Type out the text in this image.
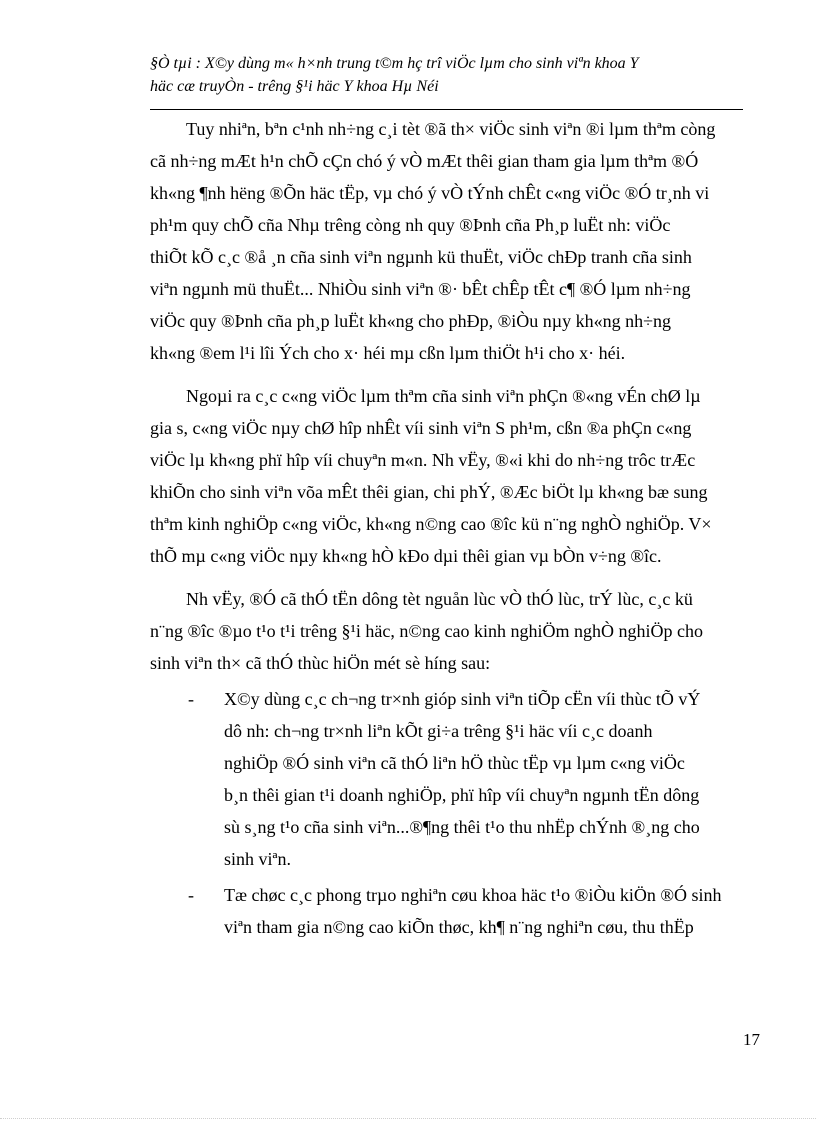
§Ò tµi : X©y dùng m« h×nh trung t©m hç trî viÖc lµm cho sinh viªn khoa Y
häc cæ truyÒn - trêng §¹i häc Y khoa Hµ Néi
Tuy nhiªn, bªn c¹nh nh÷ng c¸i tèt ®ã th× viÖc sinh viªn ®i lµm thªm còng
cã nh÷ng mÆt h¹n chÕ cÇn chó ý vÒ mÆt thêi gian tham gia lµm thªm ®Ó
kh«ng ¶nh hëng ®Õn häc tËp, vµ chó ý vÒ tÝnh chÊt c«ng viÖc ®Ó tr¸nh vi
ph¹m quy chÕ cña Nhµ trêng còng nh quy ®Þnh cña Ph¸p luËt nh: viÖc
thiÕt kÕ c¸c ®å ¸n cña sinh viªn ngµnh kü thuËt, viÖc chÐp tranh cña sinh
viªn ngµnh mü thuËt... NhiÒu sinh viªn ®· bÊt chÊp tÊt c¶ ®Ó lµm nh÷ng
viÖc quy ®Þnh cña ph¸p luËt kh«ng cho phÐp, ®iÒu nµy kh«ng nh÷ng
kh«ng ®em l¹i lîi Ých cho x· héi mµ cßn lµm thiÖt h¹i cho x· héi.
Ngoµi ra c¸c c«ng viÖc lµm thªm cña sinh viªn phÇn ®«ng vÉn chØ lµ
gia s, c«ng viÖc nµy chØ hîp nhÊt víi sinh viªn S ph¹m, cßn ®a phÇn c«ng
viÖc lµ kh«ng phï hîp víi chuyªn m«n. Nh vËy, ®«i khi do nh÷ng trôc trÆc
khiÕn cho sinh viªn võa mÊt thêi gian, chi phÝ, ®Æc biÖt lµ kh«ng bæ sung
thªm kinh nghiÖp c«ng viÖc, kh«ng n©ng cao ®îc kü n¨ng nghÒ nghiÖp. V×
thÕ mµ c«ng viÖc nµy kh«ng hÒ kÐo dµi thêi gian vµ bÒn v÷ng ®îc.
Nh vËy, ®Ó cã thÓ tËn dông tèt nguån lùc vÒ thÓ lùc, trÝ lùc, c¸c kü
n¨ng ®îc ®µo t¹o t¹i trêng §¹i häc, n©ng cao kinh nghiÖm nghÒ nghiÖp cho
sinh viªn th× cã thÓ thùc hiÖn mét sè híng sau:
- X©y dùng c¸c ch¬ng tr×nh gióp sinh viªn tiÕp cËn víi thùc tÕ vÝ
dô nh: ch¬ng tr×nh liªn kÕt gi÷a trêng §¹i häc víi c¸c doanh
nghiÖp ®Ó sinh viªn cã thÓ liªn hÖ thùc tËp vµ lµm c«ng viÖc
b¸n thêi gian t¹i doanh nghiÖp, phï hîp víi chuyªn ngµnh tËn dông
sù s¸ng t¹o cña sinh viªn...®¶ng thêi t¹o thu nhËp chÝnh ®¸ng cho
sinh viªn.
- Tæ chøc c¸c phong trµo nghiªn cøu khoa häc t¹o ®iÒu kiÖn ®Ó sinh
viªn tham gia n©ng cao kiÕn thøc, kh¶ n¨ng nghiªn cøu, thu thËp
17
